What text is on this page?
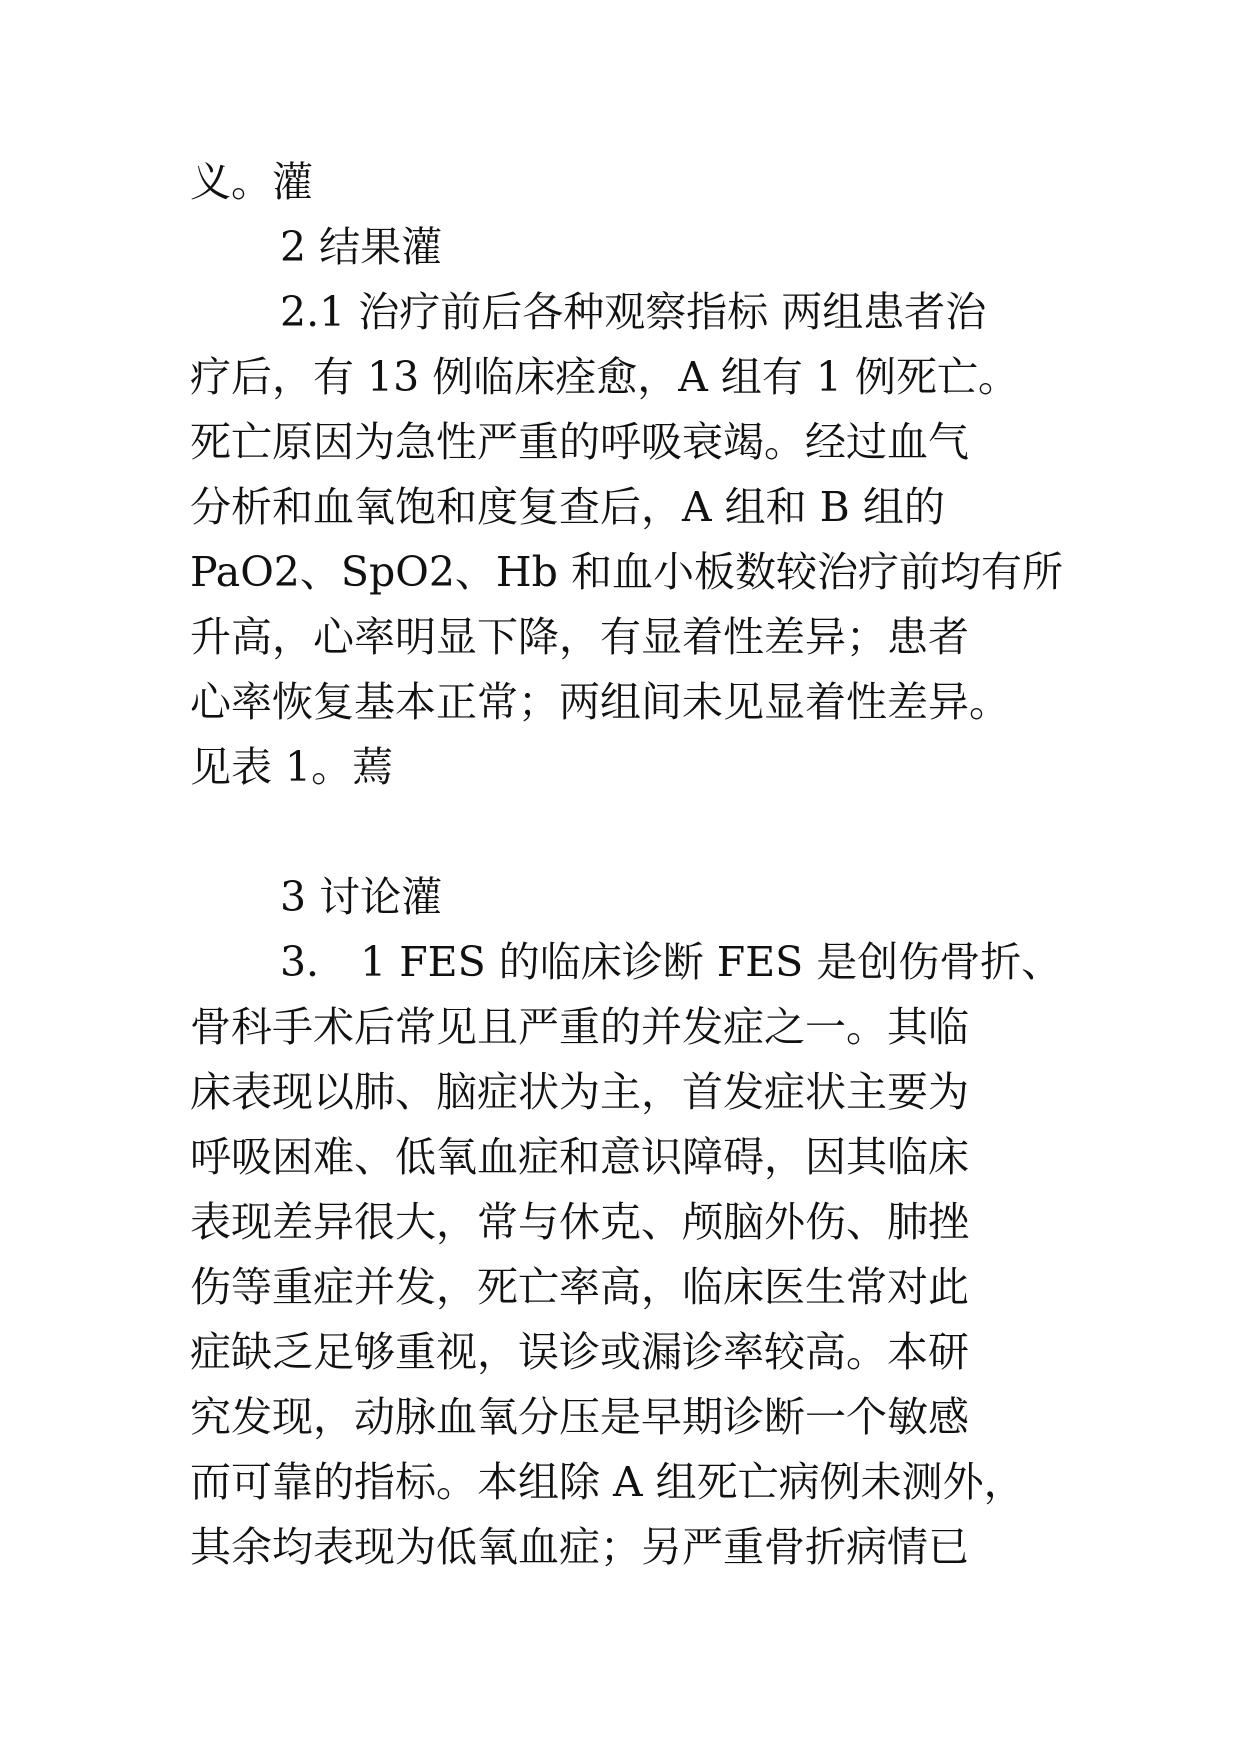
义。灌
2 结果灌
2.1 治疗前后各种观察指标 两组患者治
疗后，有 13 例临床痊愈，A 组有 1 例死亡。
死亡原因为急性严重的呼吸衰竭。经过血气
分析和血氧饱和度复查后，A 组和 B 组的
PaO2、SpO2、Hb 和血小板数较治疗前均有所
升高，心率明显下降，有显着性差异；患者
心率恢复基本正常；两组间未见显着性差异。
见表 1。蔫
3 讨论灌
3． 1 FES 的临床诊断 FES 是创伤骨折、
骨科手术后常见且严重的并发症之一。其临
床表现以肺、脑症状为主，首发症状主要为
呼吸困难、低氧血症和意识障碍，因其临床
表现差异很大，常与休克、颅脑外伤、肺挫
伤等重症并发，死亡率高，临床医生常对此
症缺乏足够重视，误诊或漏诊率较高。本研
究发现，动脉血氧分压是早期诊断一个敏感
而可靠的指标。本组除 A 组死亡病例未测外，
其余均表现为低氧血症；另严重骨折病情已
